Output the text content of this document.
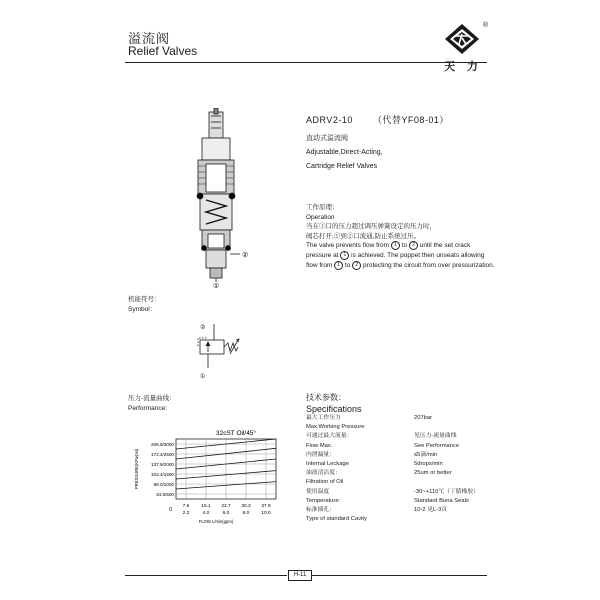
溢流阀
Relief Valves
®
天 力
②
①
ADRV2-10 （代替YF08-01）
直动式溢流阀
Adjustable,Direct-Acting,
Cartridge Relief Valves
工作原理：
Operation
当在①口的压力超过调压弹簧设定的压力时，
阀芯打开,①到②口流通,防止系统过压。
The valve prevents flow from 1 to 2 until the set crack
pressure at 1 is achieved. The poppet then unseats allowing
flow from 1 to 2 protecting the circuit from over pressurization.
机能符号：
Symbol：
②
①
压力-流量曲线：
Performance:
32cST Oil/45°
206.9/3000
172.4/2500
137.9/2000
103.4/1500
69.0/1000
34.5/500
7.6
2.2
15.1
4.0
22.7
6.0
30.3
8.0
37.9
10.0
0
FLOW L/min(gpm)
PRESSURE(KPa/psi)
技术参数：
Specifications
最大工作压力	207bar
Max.Working Pressure
可通过最大流量：	见压力-流量曲线
Flow Max.	See Performance
内泄漏量：	≤5滴/min
Internal Leckage	5drops/min
油液清洁度：	25um or better
Filtration of Oil
使用温度	-30~+110℃（丁腈橡胶）
Temperature:	Standard Buna Seals
标准插孔：	10-2 见L-3页
Type of standard Cavity
H-11
